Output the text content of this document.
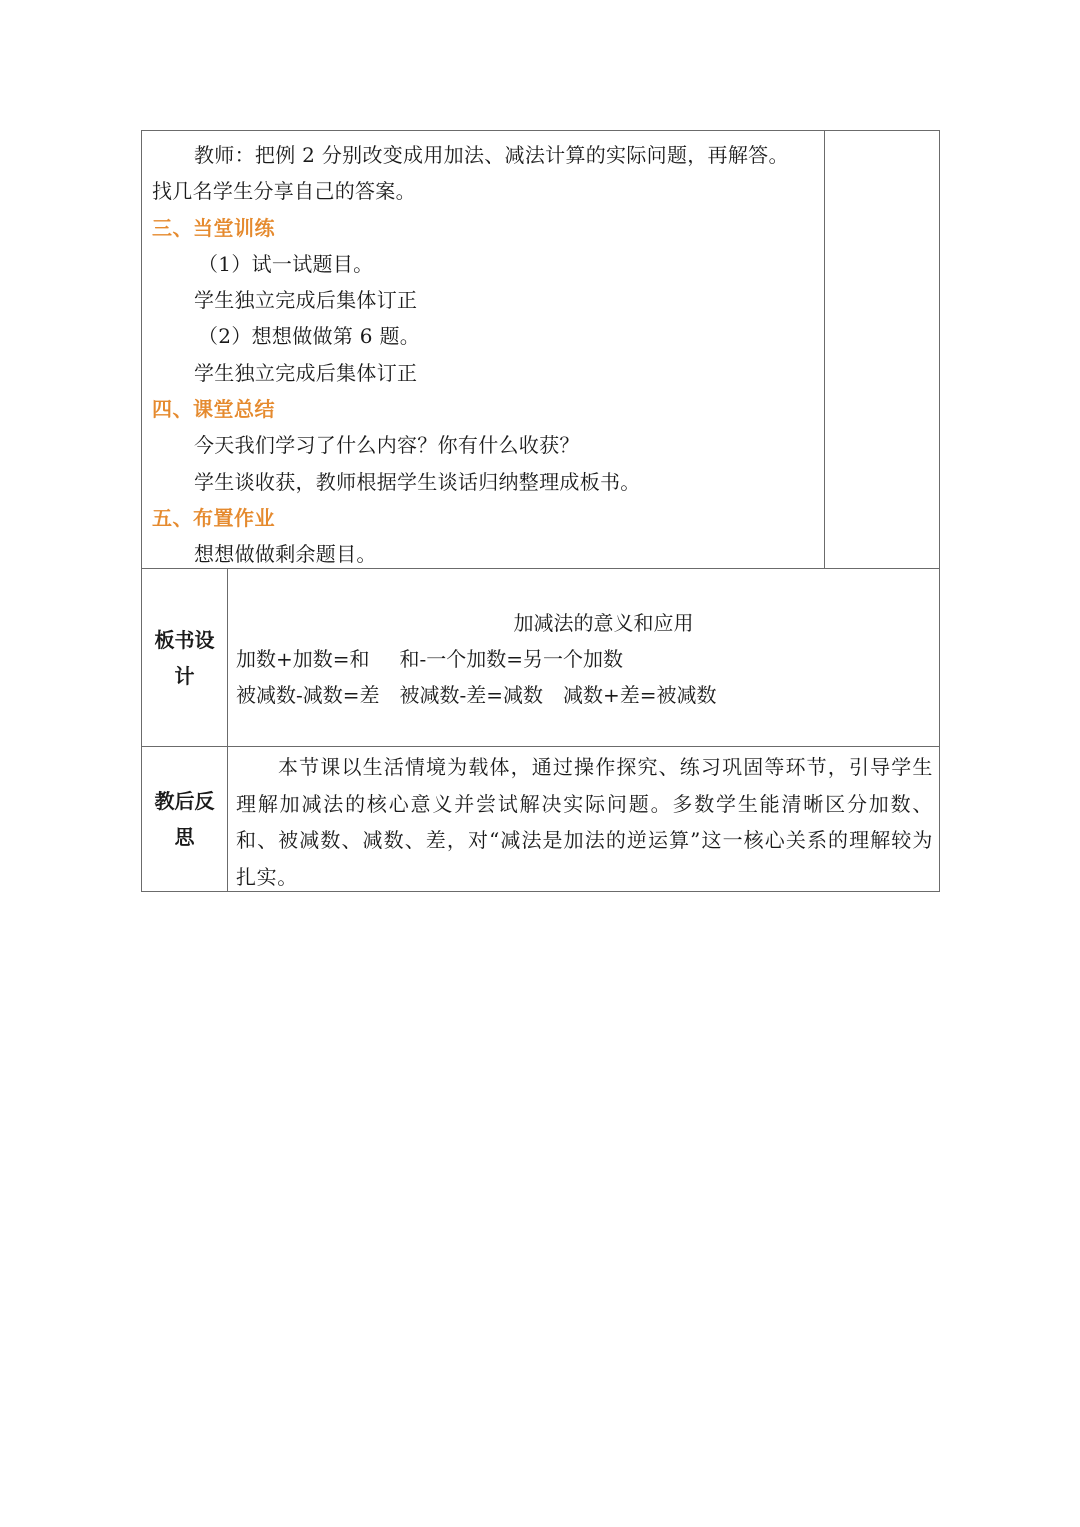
教师：把例 2 分别改变成用加法、减法计算的实际问题，再解答。
找几名学生分享自己的答案。
三、当堂训练
（1）试一试题目。
学生独立完成后集体订正
（2）想想做做第 6 题。
学生独立完成后集体订正
四、课堂总结
今天我们学习了什么内容？你有什么收获？
学生谈收获，教师根据学生谈话归纳整理成板书。
五、布置作业
想想做做剩余题目。
板书设计
加减法的意义和应用
加数+加数=和 和-一个加数=另一个加数
被减数-减数=差 被减数-差=减数 减数+差=被减数
教后反思
本节课以生活情境为载体，通过操作探究、练习巩固等环节，引导学生理解加减法的核心意义并尝试解决实际问题。多数学生能清晰区分加数、和、被减数、减数、差，对“减法是加法的逆运算”这一核心关系的理解较为扎实。
